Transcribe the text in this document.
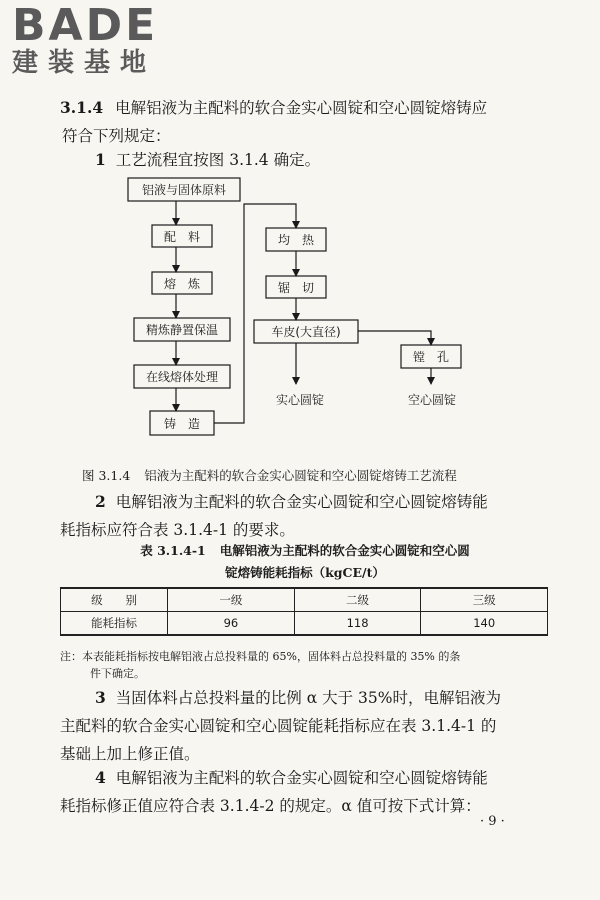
BADE
建装基地
3.1.4 电解铝液为主配料的软合金实心圆锭和空心圆锭熔铸应
符合下列规定：
1 工艺流程宜按图 3.1.4 确定。
铝液与固体原料
配　料
熔　炼
精炼静置保温
在线熔体处理
铸　造
均　热
锯　切
车皮(大直径)
镗　孔
实心圆锭	空心圆锭
图 3.1.4 铝液为主配料的软合金实心圆锭和空心圆锭熔铸工艺流程
2 电解铝液为主配料的软合金实心圆锭和空心圆锭熔铸能
耗指标应符合表 3.1.4-1 的要求。
表 3.1.4-1 电解铝液为主配料的软合金实心圆锭和空心圆
锭熔铸能耗指标（kgCE/t）
级　　别	一级	二级	三级
能耗指标	96	118	140
注：本表能耗指标按电解铝液占总投料量的 65%，固体料占总投料量的 35% 的条
件下确定。
3 当固体料占总投料量的比例 α 大于 35%时，电解铝液为
主配料的软合金实心圆锭和空心圆锭能耗指标应在表 3.1.4-1 的
基础上加上修正值。
4 电解铝液为主配料的软合金实心圆锭和空心圆锭熔铸能
耗指标修正值应符合表 3.1.4-2 的规定。α 值可按下式计算：
· 9 ·
